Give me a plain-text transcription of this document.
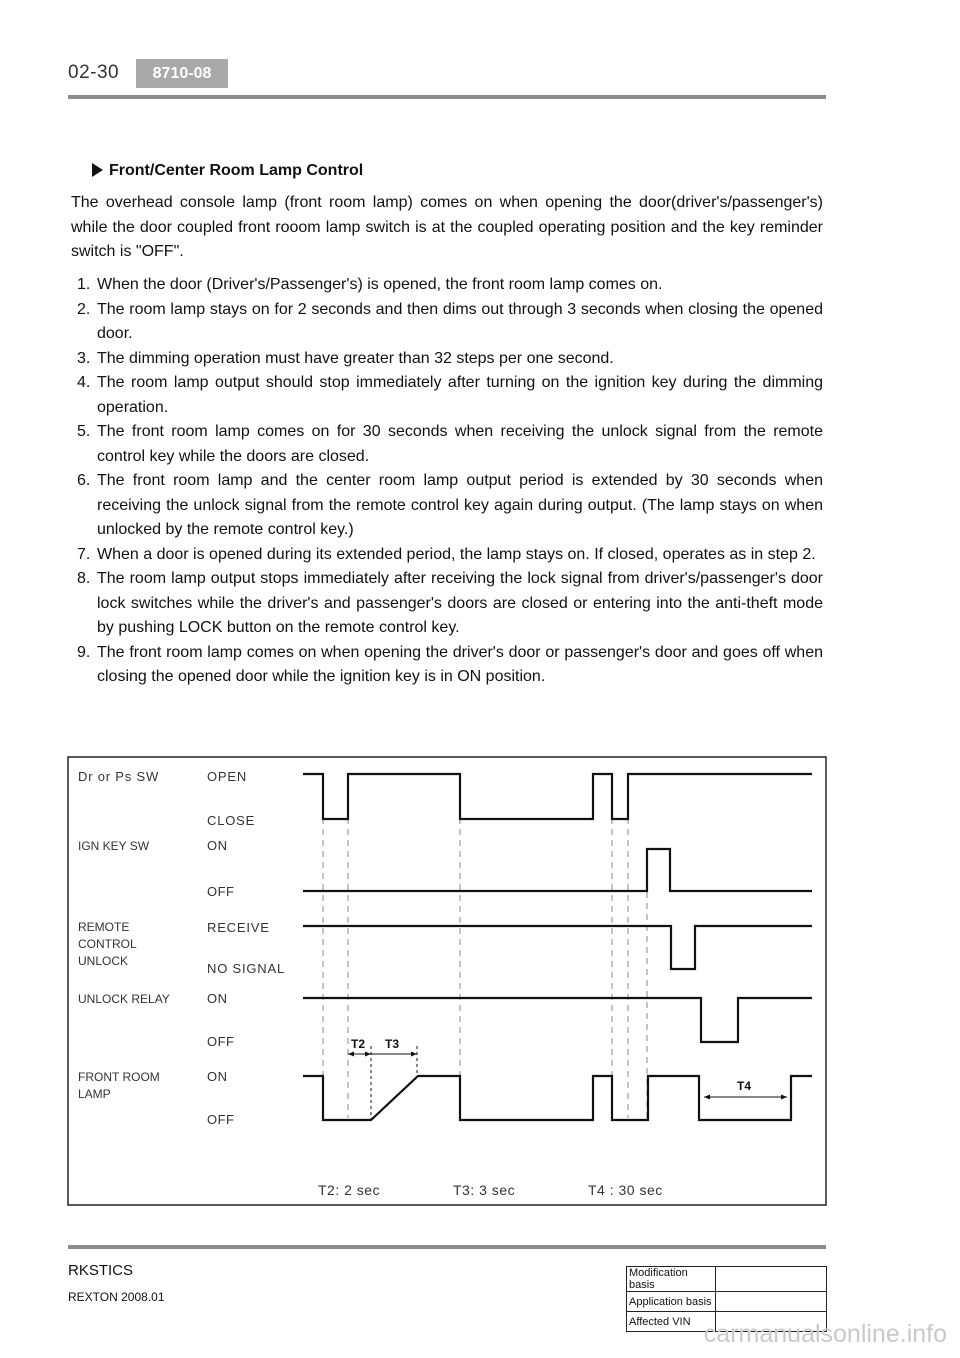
02-30	8710-08
Front/Center Room Lamp Control

The overhead console lamp (front room lamp) comes on when opening the door(driver's/passenger's) while the door coupled front rooom lamp switch is at the coupled operating position and the key reminder switch is "OFF".

1. When the door (Driver's/Passenger's) is opened, the front room lamp comes on.
2. The room lamp stays on for 2 seconds and then dims out through 3 seconds when closing the opened door.
3. The dimming operation must have greater than 32 steps per one second.
4. The room lamp output should stop immediately after turning on the ignition key during the dimming operation.
5. The front room lamp comes on for 30 seconds when receiving the unlock signal from the remote control key while the doors are closed.
6. The front room lamp and the center room lamp output period is extended by 30 seconds when receiving the unlock signal from the remote control key again during output. (The lamp stays on when unlocked by the remote control key.)
7. When a door is opened during its extended period, the lamp stays on. If closed, operates as in step 2.
8. The room lamp output stops immediately after receiving the lock signal from driver's/passenger's door lock switches while the driver's and passenger's doors are closed or entering into the anti-theft mode by pushing LOCK button on the remote control key.
9. The front room lamp comes on when opening the driver's door or passenger's door and goes off when closing the opened door while the ignition key is in ON position.
Dr or Ps SW
IGN KEY SW
REMOTE CONTROL UNLOCK
UNLOCK RELAY
FRONT ROOM LAMP
OPEN
CLOSE
ON
OFF
RECEIVE
NO SIGNAL
ON
OFF
ON
OFF
T2 T3
T4
T2: 2 sec	T3: 3 sec	T4 : 30 sec
RKSTICS
REXTON 2008.01
Modification basis	
Application basis	
Affected VIN	carmanualsonline.info
